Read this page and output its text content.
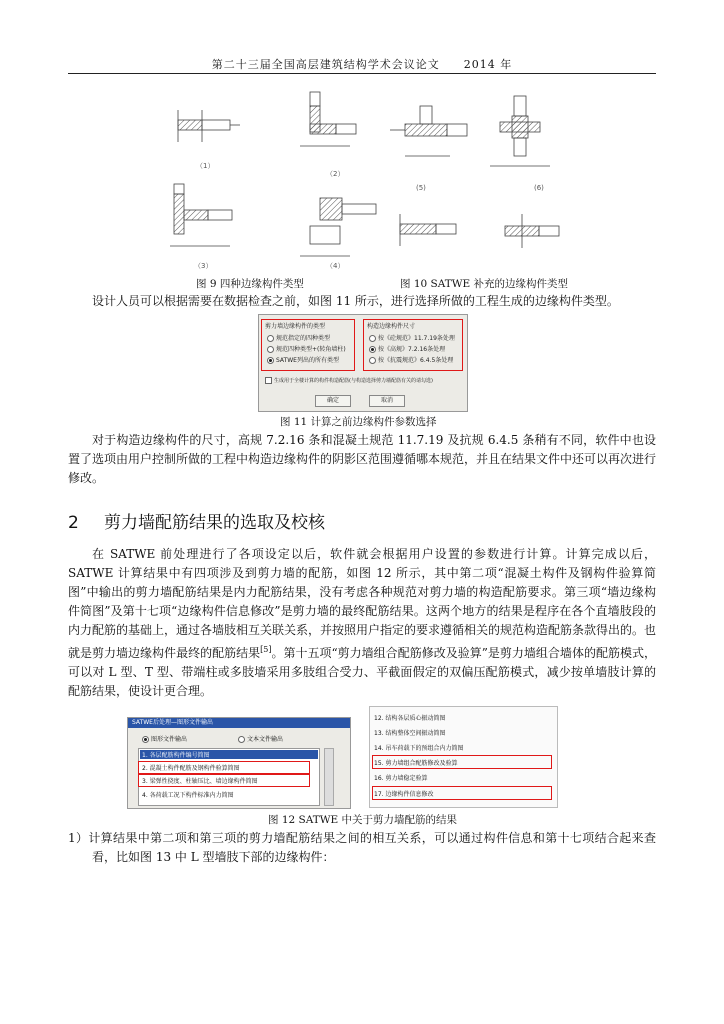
第二十三届全国高层建筑结构学术会议论文　　2014 年
（1）
（2）
(5)	(6)
（3）	（4）
图 9 四种边缘构件类型	图 10 SATWE 补充的边缘构件类型
设计人员可以根据需要在数据检查之前，如图 11 所示，进行选择所做的工程生成的边缘构件类型。
剪力墙边缘构件的类型
规范指定的四种类型
规范四种类型+(转角墙柱)
SATWE列出的所有类型
构造边缘构件尺寸
按《砼规范》11.7.19条处理
按《高规》7.2.16条处理
按《抗震规范》6.4.5条处理
生成用于全楼计算的构件构造配筋(与构造选择剪力墙配筋有关的请勾选)
确定	取消
图 11 计算之前边缘构件参数选择
对于构造边缘构件的尺寸，高规 7.2.16 条和混凝土规范 11.7.19 及抗规 6.4.5 条稍有不同，软件中也设置了选项由用户控制所做的工程中构造边缘构件的阴影区范围遵循哪本规范，并且在结果文件中还可以再次进行修改。
2 剪力墙配筋结果的选取及校核
在 SATWE 前处理进行了各项设定以后，软件就会根据用户设置的参数进行计算。计算完成以后，SATWE 计算结果中有四项涉及到剪力墙的配筋，如图 12 所示，其中第二项“混凝土构件及钢构件验算简图”中输出的剪力墙配筋结果是内力配筋结果，没有考虑各种规范对剪力墙的构造配筋要求。第三项“墙边缘构件简图”及第十七项“边缘构件信息修改”是剪力墙的最终配筋结果。这两个地方的结果是程序在各个直墙肢段的内力配筋的基础上，通过各墙肢相互关联关系，并按照用户指定的要求遵循相关的规范构造配筋条款得出的。也就是剪力墙边缘构件最终的配筋结果[5]。第十五项“剪力墙组合配筋修改及验算”是剪力墙组合墙体的配筋模式，可以对 L 型、T 型、带端柱或多肢墙采用多肢组合受力、平截面假定的双偏压配筋模式，减少按单墙肢计算的配筋结果，使设计更合理。
SATWE后处理—图形文件输出
图形文件输出	文本文件输出
1. 各层配筋构件编号简图
2. 混凝土构件配筋及钢构件验算简图
3. 梁弹性挠度、柱轴压比、墙边缘构件简图
4. 各荷载工况下构件标准内力简图
12. 结构各层质心振动简图
13. 结构整体空间振动简图
14. 吊车荷载下的预组合内力简图
15. 剪力墙组合配筋修改及验算
16. 剪力墙稳定验算
17. 边缘构件信息修改
图 12 SATWE 中关于剪力墙配筋的结果
1）计算结果中第二项和第三项的剪力墙配筋结果之间的相互关系，可以通过构件信息和第十七项结合起来查看，比如图 13 中 L 型墙肢下部的边缘构件：
